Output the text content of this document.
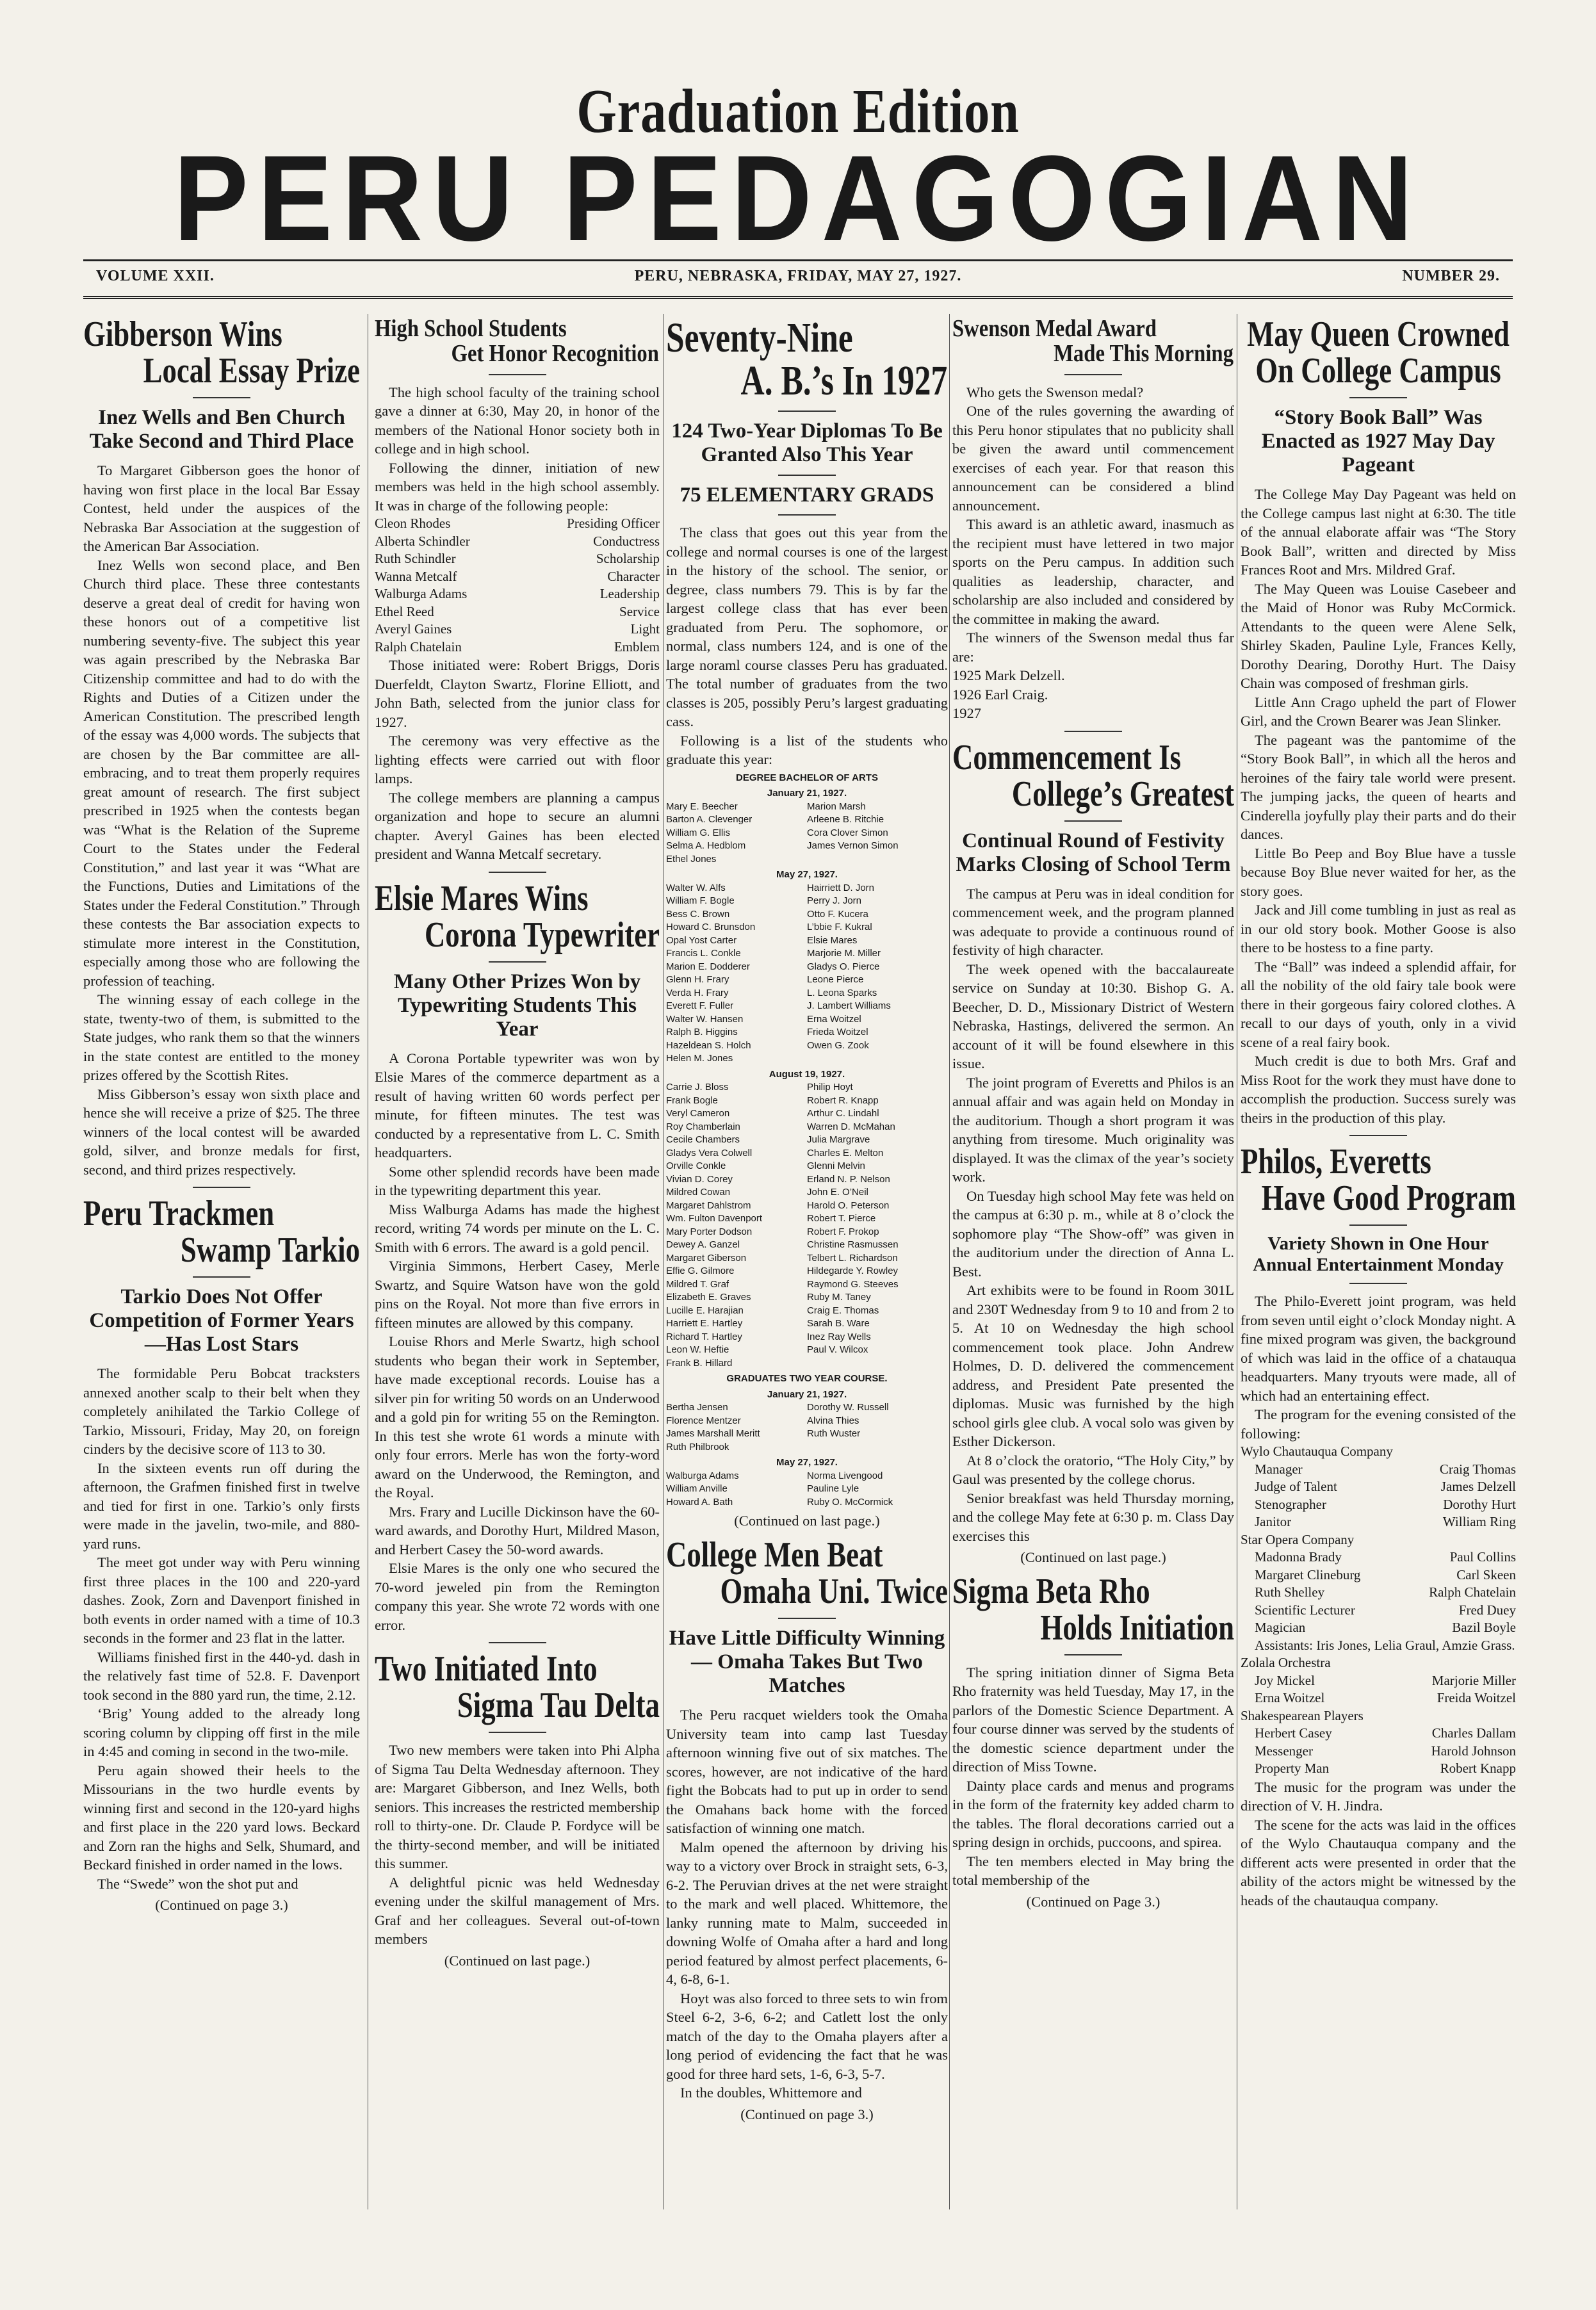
Graduation Edition
PERU PEDAGOGIAN
VOLUME XXII.	PERU, NEBRASKA, FRIDAY, MAY 27, 1927.	NUMBER 29.
Gibberson Wins
Local Essay Prize
Inez Wells and Ben Church Take Second and Third Place

To Margaret Gibberson goes the honor of having won first place in the local Bar Essay Contest, held under the auspices of the Nebraska Bar Association at the suggestion of the American Bar Association.

Inez Wells won second place, and Ben Church third place. These three contestants deserve a great deal of credit for having won these honors out of a competitive list numbering seventy-five. The subject this year was again prescribed by the Nebraska Bar Citizenship committee and had to do with the Rights and Duties of a Citizen under the American Constitution. The prescribed length of the essay was 4,000 words. The subjects that are chosen by the Bar committee are all-embracing, and to treat them properly requires great amount of research. The first subject prescribed in 1925 when the contests began was “What is the Relation of the Supreme Court to the States under the Federal Constitution,” and last year it was “What are the Functions, Duties and Limitations of the States under the Federal Constitution.” Through these contests the Bar association expects to stimulate more interest in the Constitution, especially among those who are following the profession of teaching.

The winning essay of each college in the state, twenty-two of them, is submitted to the State judges, who rank them so that the winners in the state contest are entitled to the money prizes offered by the Scottish Rites.

Miss Gibberson’s essay won sixth place and hence she will receive a prize of $25. The three winners of the local contest will be awarded gold, silver, and bronze medals for first, second, and third prizes respectively.

Peru Trackmen
Swamp Tarkio
Tarkio Does Not Offer Competition of Former Years —Has Lost Stars

The formidable Peru Bobcat tracksters annexed another scalp to their belt when they completely anihilated the Tarkio College of Tarkio, Missouri, Friday, May 20, on foreign cinders by the decisive score of 113 to 30.

In the sixteen events run off during the afternoon, the Grafmen finished first in twelve and tied for first in one. Tarkio’s only firsts were made in the javelin, two-mile, and 880-yard runs.

The meet got under way with Peru winning first three places in the 100 and 220-yard dashes. Zook, Zorn and Davenport finished in both events in order named with a time of 10.3 seconds in the former and 23 flat in the latter.

Williams finished first in the 440-yd. dash in the relatively fast time of 52.8. F. Davenport took second in the 880 yard run, the time, 2.12.

‘Brig’ Young added to the already long scoring column by clipping off first in the mile in 4:45 and coming in second in the two-mile.

Peru again showed their heels to the Missourians in the two hurdle events by winning first and second in the 120-yard highs and first place in the 220 yard lows. Beckard and Zorn ran the highs and Selk, Shumard, and Beckard finished in order named in the lows.

The “Swede” won the shot put and

(Continued on page 3.)
High School Students
Get Honor Recognition

The high school faculty of the training school gave a dinner at 6:30, May 20, in honor of the members of the National Honor society both in college and in high school.

Following the dinner, initiation of new members was held in the high school assembly. It was in charge of the following people:

Cleon Rhodes	Presiding Officer
Alberta Schindler	Conductress
Ruth Schindler	Scholarship
Wanna Metcalf	Character
Walburga Adams	Leadership
Ethel Reed	Service
Averyl Gaines	Light
Ralph Chatelain	Emblem

Those initiated were: Robert Briggs, Doris Duerfeldt, Clayton Swartz, Florine Elliott, and John Bath, selected from the junior class for 1927.

The ceremony was very effective as the lighting effects were carried out with floor lamps.

The college members are planning a campus organization and hope to secure an alumni chapter. Averyl Gaines has been elected president and Wanna Metcalf secretary.

Elsie Mares Wins
Corona Typewriter
Many Other Prizes Won by Typewriting Students This Year

A Corona Portable typewriter was won by Elsie Mares of the commerce department as a result of having written 60 words perfect per minute, for fifteen minutes. The test was conducted by a representative from L. C. Smith headquarters.

Some other splendid records have been made in the typewriting department this year.

Miss Walburga Adams has made the highest record, writing 74 words per minute on the L. C. Smith with 6 errors. The award is a gold pencil.

Virginia Simmons, Herbert Casey, Merle Swartz, and Squire Watson have won the gold pins on the Royal. Not more than five errors in fifteen minutes are allowed by this company.

Louise Rhors and Merle Swartz, high school students who began their work in September, have made exceptional records. Louise has a silver pin for writing 50 words on an Underwood and a gold pin for writing 55 on the Remington. In this test she wrote 61 words a minute with only four errors. Merle has won the forty-word award on the Underwood, the Remington, and the Royal.

Mrs. Frary and Lucille Dickinson have the 60-ward awards, and Dorothy Hurt, Mildred Mason, and Herbert Casey the 50-word awards.

Elsie Mares is the only one who secured the 70-word jeweled pin from the Remington company this year. She wrote 72 words with one error.

Two Initiated Into
Sigma Tau Delta

Two new members were taken into Phi Alpha of Sigma Tau Delta Wednesday afternoon. They are: Margaret Gibberson, and Inez Wells, both seniors. This increases the restricted membership roll to thirty-one. Dr. Claude P. Fordyce will be the thirty-second member, and will be initiated this summer.

A delightful picnic was held Wednesday evening under the skilful management of Mrs. Graf and her colleagues. Several out-of-town members

(Continued on last page.)
Seventy-Nine
A. B.’s In 1927
124 Two-Year Diplomas To Be Granted Also This Year
75 ELEMENTARY GRADS

The class that goes out this year from the college and normal courses is one of the largest in the history of the school. The senior, or degree, class numbers 79. This is by far the largest college class that has ever been graduated from Peru. The sophomore, or normal, class numbers 124, and is one of the large noraml course classes Peru has graduated. The total number of graduates from the two classes is 205, possibly Peru’s largest graduating cass.

Following is a list of the students who graduate this year:

DEGREE BACHELOR OF ARTS
January 21, 1927.
Mary E. Beecher	Marion Marsh
Barton A. Clevenger	Arleene B. Ritchie
William G. Ellis	Cora Clover Simon
Selma A. Hedblom	James Vernon Simon
Ethel Jones
May 27, 1927.
Walter W. Alfs	Hairriett D. Jorn
William F. Bogle	Perry J. Jorn
Bess C. Brown	Otto F. Kucera
Howard C. Brunsdon	L’bbie F. Kukral
Opal Yost Carter	Elsie Mares
Francis L. Conkle	Marjorie M. Miller
Marion E. Dodderer	Gladys O. Pierce
Glenn H. Frary	Leone Pierce
Verda H. Frary	L. Leona Sparks
Everett F. Fuller	J. Lambert Williams
Walter W. Hansen	Erna Woitzel
Ralph B. Higgins	Frieda Woitzel
Hazeldean S. Holch	Owen G. Zook
Helen M. Jones
August 19, 1927.
Carrie J. Bloss	Philip Hoyt
Frank Bogle	Robert R. Knapp
Veryl Cameron	Arthur C. Lindahl
Roy Chamberlain	Warren D. McMahan
Cecile Chambers	Julia Margrave
Gladys Vera Colwell	Charles E. Melton
Orville Conkle	Glenni Melvin
Vivian D. Corey	Erland N. P. Nelson
Mildred Cowan	John E. O’Neil
Margaret Dahlstrom	Harold O. Peterson
Wm. Fulton Davenport	Robert T. Pierce
Mary Porter Dodson	Robert F. Prokop
Dewey A. Ganzel	Christine Rasmussen
Margaret Giberson	Telbert L. Richardson
Effie G. Gilmore	Hildegarde Y. Rowley
Mildred T. Graf	Raymond G. Steeves
Elizabeth E. Graves	Ruby M. Taney
Lucille E. Harajian	Craig E. Thomas
Harriett E. Hartley	Sarah B. Ware
Richard T. Hartley	Inez Ray Wells
Leon W. Heftie	Paul V. Wilcox
Frank B. Hillard
GRADUATES TWO YEAR COURSE.
January 21, 1927.
Bertha Jensen	Dorothy W. Russell
Florence Mentzer	Alvina Thies
James Marshall Meritt	Ruth Wuster
Ruth Philbrook
May 27, 1927.
Walburga Adams	Norma Livengood
William Anville	Pauline Lyle
Howard A. Bath	Ruby O. McCormick
(Continued on last page.)
College Men Beat
Omaha Uni. Twice
Have Little Difficulty Winning — Omaha Takes But Two Matches

The Peru racquet wielders took the Omaha University team into camp last Tuesday afternoon winning five out of six matches. The scores, however, are not indicative of the hard fight the Bobcats had to put up in order to send the Omahans back home with the forced satisfaction of winning one match.

Malm opened the afternoon by driving his way to a victory over Brock in straight sets, 6-3, 6-2. The Peruvian drives at the net were straight to the mark and well placed. Whittemore, the lanky running mate to Malm, succeeded in downing Wolfe of Omaha after a hard and long period featured by almost perfect placements, 6-4, 6-8, 6-1.

Hoyt was also forced to three sets to win from Steel 6-2, 3-6, 6-2; and Catlett lost the only match of the day to the Omaha players after a long period of evidencing the fact that he was good for three hard sets, 1-6, 6-3, 5-7.

In the doubles, Whittemore and

(Continued on page 3.)
Swenson Medal Award
Made This Morning

Who gets the Swenson medal?

One of the rules governing the awarding of this Peru honor stipulates that no publicity shall be given the award until commencement exercises of each year. For that reason this announcement can be considered a blind announcement.

This award is an athletic award, inasmuch as the recipient must have lettered in two major sports on the Peru campus. In addition such qualities as leadership, character, and scholarship are also included and considered by the committee in making the award.

The winners of the Swenson medal thus far are:

1925 Mark Delzell.
1926 Earl Craig.
1927
Commencement Is
College’s Greatest
Continual Round of Festivity Marks Closing of School Term

The campus at Peru was in ideal condition for commencement week, and the program planned was adequate to provide a continuous round of festivity of high character.

The week opened with the baccalaureate service on Sunday at 10:30. Bishop G. A. Beecher, D. D., Missionary District of Western Nebraska, Hastings, delivered the sermon. An account of it will be found elsewhere in this issue.

The joint program of Everetts and Philos is an annual affair and was again held on Monday in the auditorium. Though a short program it was anything from tiresome. Much originality was displayed. It was the climax of the year’s society work.

On Tuesday high school May fete was held on the campus at 6:30 p. m., while at 8 o’clock the sophomore play “The Show-off” was given in the auditorium under the direction of Anna L. Best.

Art exhibits were to be found in Room 301L and 230T Wednesday from 9 to 10 and from 2 to 5. At 10 on Wednesday the high school commencement took place. John Andrew Holmes, D. D. delivered the commencement address, and President Pate presented the diplomas. Music was furnished by the high school girls glee club. A vocal solo was given by Esther Dickerson.

At 8 o’clock the oratorio, “The Holy City,” by Gaul was presented by the college chorus.

Senior breakfast was held Thursday morning, and the college May fete at 6:30 p. m. Class Day exercises this

(Continued on last page.)
Sigma Beta Rho
Holds Initiation

The spring initiation dinner of Sigma Beta Rho fraternity was held Tuesday, May 17, in the parlors of the Domestic Science Department. A four course dinner was served by the students of the domestic science department under the direction of Miss Towne.

Dainty place cards and menus and programs in the form of the fraternity key added charm to the tables. The floral decorations carried out a spring design in orchids, puccoons, and spirea.

The ten members elected in May bring the total membership of the

(Continued on Page 3.)
May Queen Crowned
On College Campus
“Story Book Ball” Was Enacted as 1927 May Day Pageant

The College May Day Pageant was held on the College campus last night at 6:30. The title of the annual elaborate affair was “The Story Book Ball”, written and directed by Miss Frances Root and Mrs. Mildred Graf.

The May Queen was Louise Casebeer and the Maid of Honor was Ruby McCormick. Attendants to the queen were Alene Selk, Shirley Skaden, Pauline Lyle, Frances Kelly, Dorothy Dearing, Dorothy Hurt. The Daisy Chain was composed of freshman girls.

Little Ann Crago upheld the part of Flower Girl, and the Crown Bearer was Jean Slinker.

The pageant was the pantomime of the “Story Book Ball”, in which all the heros and heroines of the fairy tale world were present. The jumping jacks, the queen of hearts and Cinderella joyfully play their parts and do their dances.

Little Bo Peep and Boy Blue have a tussle because Boy Blue never waited for her, as the story goes.

Jack and Jill come tumbling in just as real as in our old story book. Mother Goose is also there to be hostess to a fine party.

The “Ball” was indeed a splendid affair, for all the nobility of the old fairy tale book were there in their gorgeous fairy colored clothes. A recall to our days of youth, only in a vivid scene of a real fairy book.

Much credit is due to both Mrs. Graf and Miss Root for the work they must have done to accomplish the production. Success surely was theirs in the production of this play.

Philos, Everetts
Have Good Program
Variety Shown in One Hour Annual Entertainment Monday

The Philo-Everett joint program, was held from seven until eight o’clock Monday night. A fine mixed program was given, the background of which was laid in the office of a chatauqua headquarters. Many tryouts were made, all of which had an entertaining effect.

The program for the evening consisted of the following:

Wylo Chautauqua Company
Manager	Craig Thomas
Judge of Talent	James Delzell
Stenographer	Dorothy Hurt
Janitor	William Ring
Star Opera Company
Madonna Brady	Paul Collins
Margaret Clineburg	Carl Skeen
Ruth Shelley	Ralph Chatelain
Scientific Lecturer	Fred Duey
Magician	Bazil Boyle
Assistants: Iris Jones, Lelia Graul, Amzie Grass.
Zolala Orchestra
Joy Mickel	Marjorie Miller
Erna Woitzel	Freida Woitzel
Shakespearean Players
Herbert Casey	Charles Dallam
Messenger	Harold Johnson
Property Man	Robert Knapp

The music for the program was under the direction of V. H. Jindra.

The scene for the acts was laid in the offices of the Wylo Chautauqua company and the different acts were presented in order that the ability of the actors might be witnessed by the heads of the chautauqua company.
